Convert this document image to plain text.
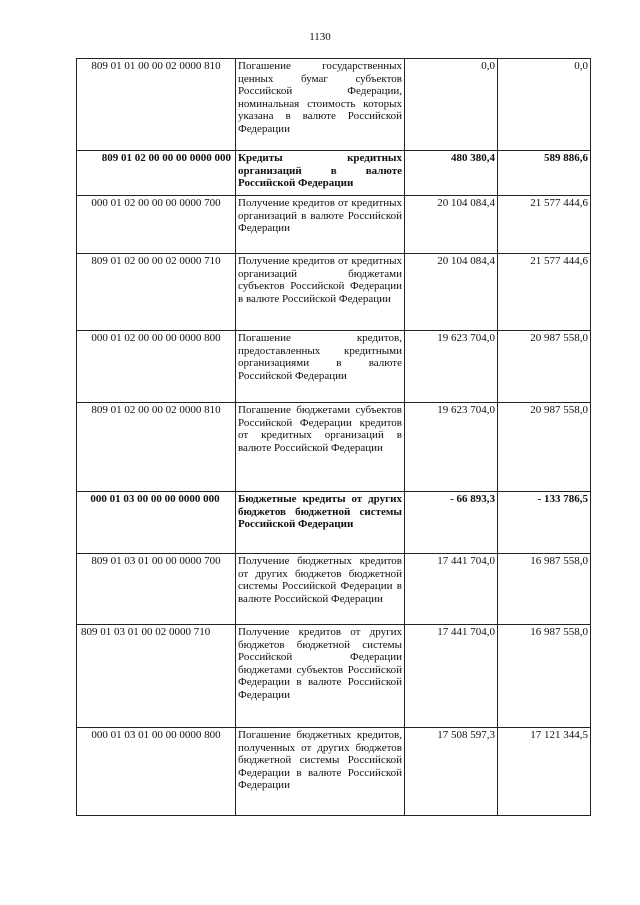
1130
809 01 01 00 00 02 0000 810	Погашение государственных ценных бумаг субъектов Российской Федерации, номинальная стоимость которых указана в валюте Российской Федерации	0,0	0,0
809 01 02 00 00 00 0000 000	Кредиты кредитных организаций в валюте Российской Федерации	480 380,4	589 886,6
000 01 02 00 00 00 0000 700	Получение кредитов от кредитных организаций в валюте Российской Федерации	20 104 084,4	21 577 444,6
809 01 02 00 00 02 0000 710	Получение кредитов от кредитных организаций бюджетами субъектов Российской Федерации в валюте Российской Федерации	20 104 084,4	21 577 444,6
000 01 02 00 00 00 0000 800	Погашение кредитов, предоставленных кредитными организациями в валюте Российской Федерации	19 623 704,0	20 987 558,0
809 01 02 00 00 02 0000 810	Погашение бюджетами субъектов Российской Федерации кредитов от кредитных организаций в валюте Российской Федерации	19 623 704,0	20 987 558,0
000 01 03 00 00 00 0000 000	Бюджетные кредиты от других бюджетов бюджетной системы Российской Федерации	- 66 893,3	- 133 786,5
809 01 03 01 00 00 0000 700	Получение бюджетных кредитов от других бюджетов бюджетной системы Российской Федерации в валюте Российской Федерации	17 441 704,0	16 987 558,0
809 01 03 01 00 02 0000 710	Получение кредитов от других бюджетов бюджетной системы Российской Федерации бюджетами субъектов Российской Федерации в валюте Российской Федерации	17 441 704,0	16 987 558,0
000 01 03 01 00 00 0000 800	Погашение бюджетных кредитов, полученных от других бюджетов бюджетной системы Российской Федерации в валюте Российской Федерации	17 508 597,3	17 121 344,5
